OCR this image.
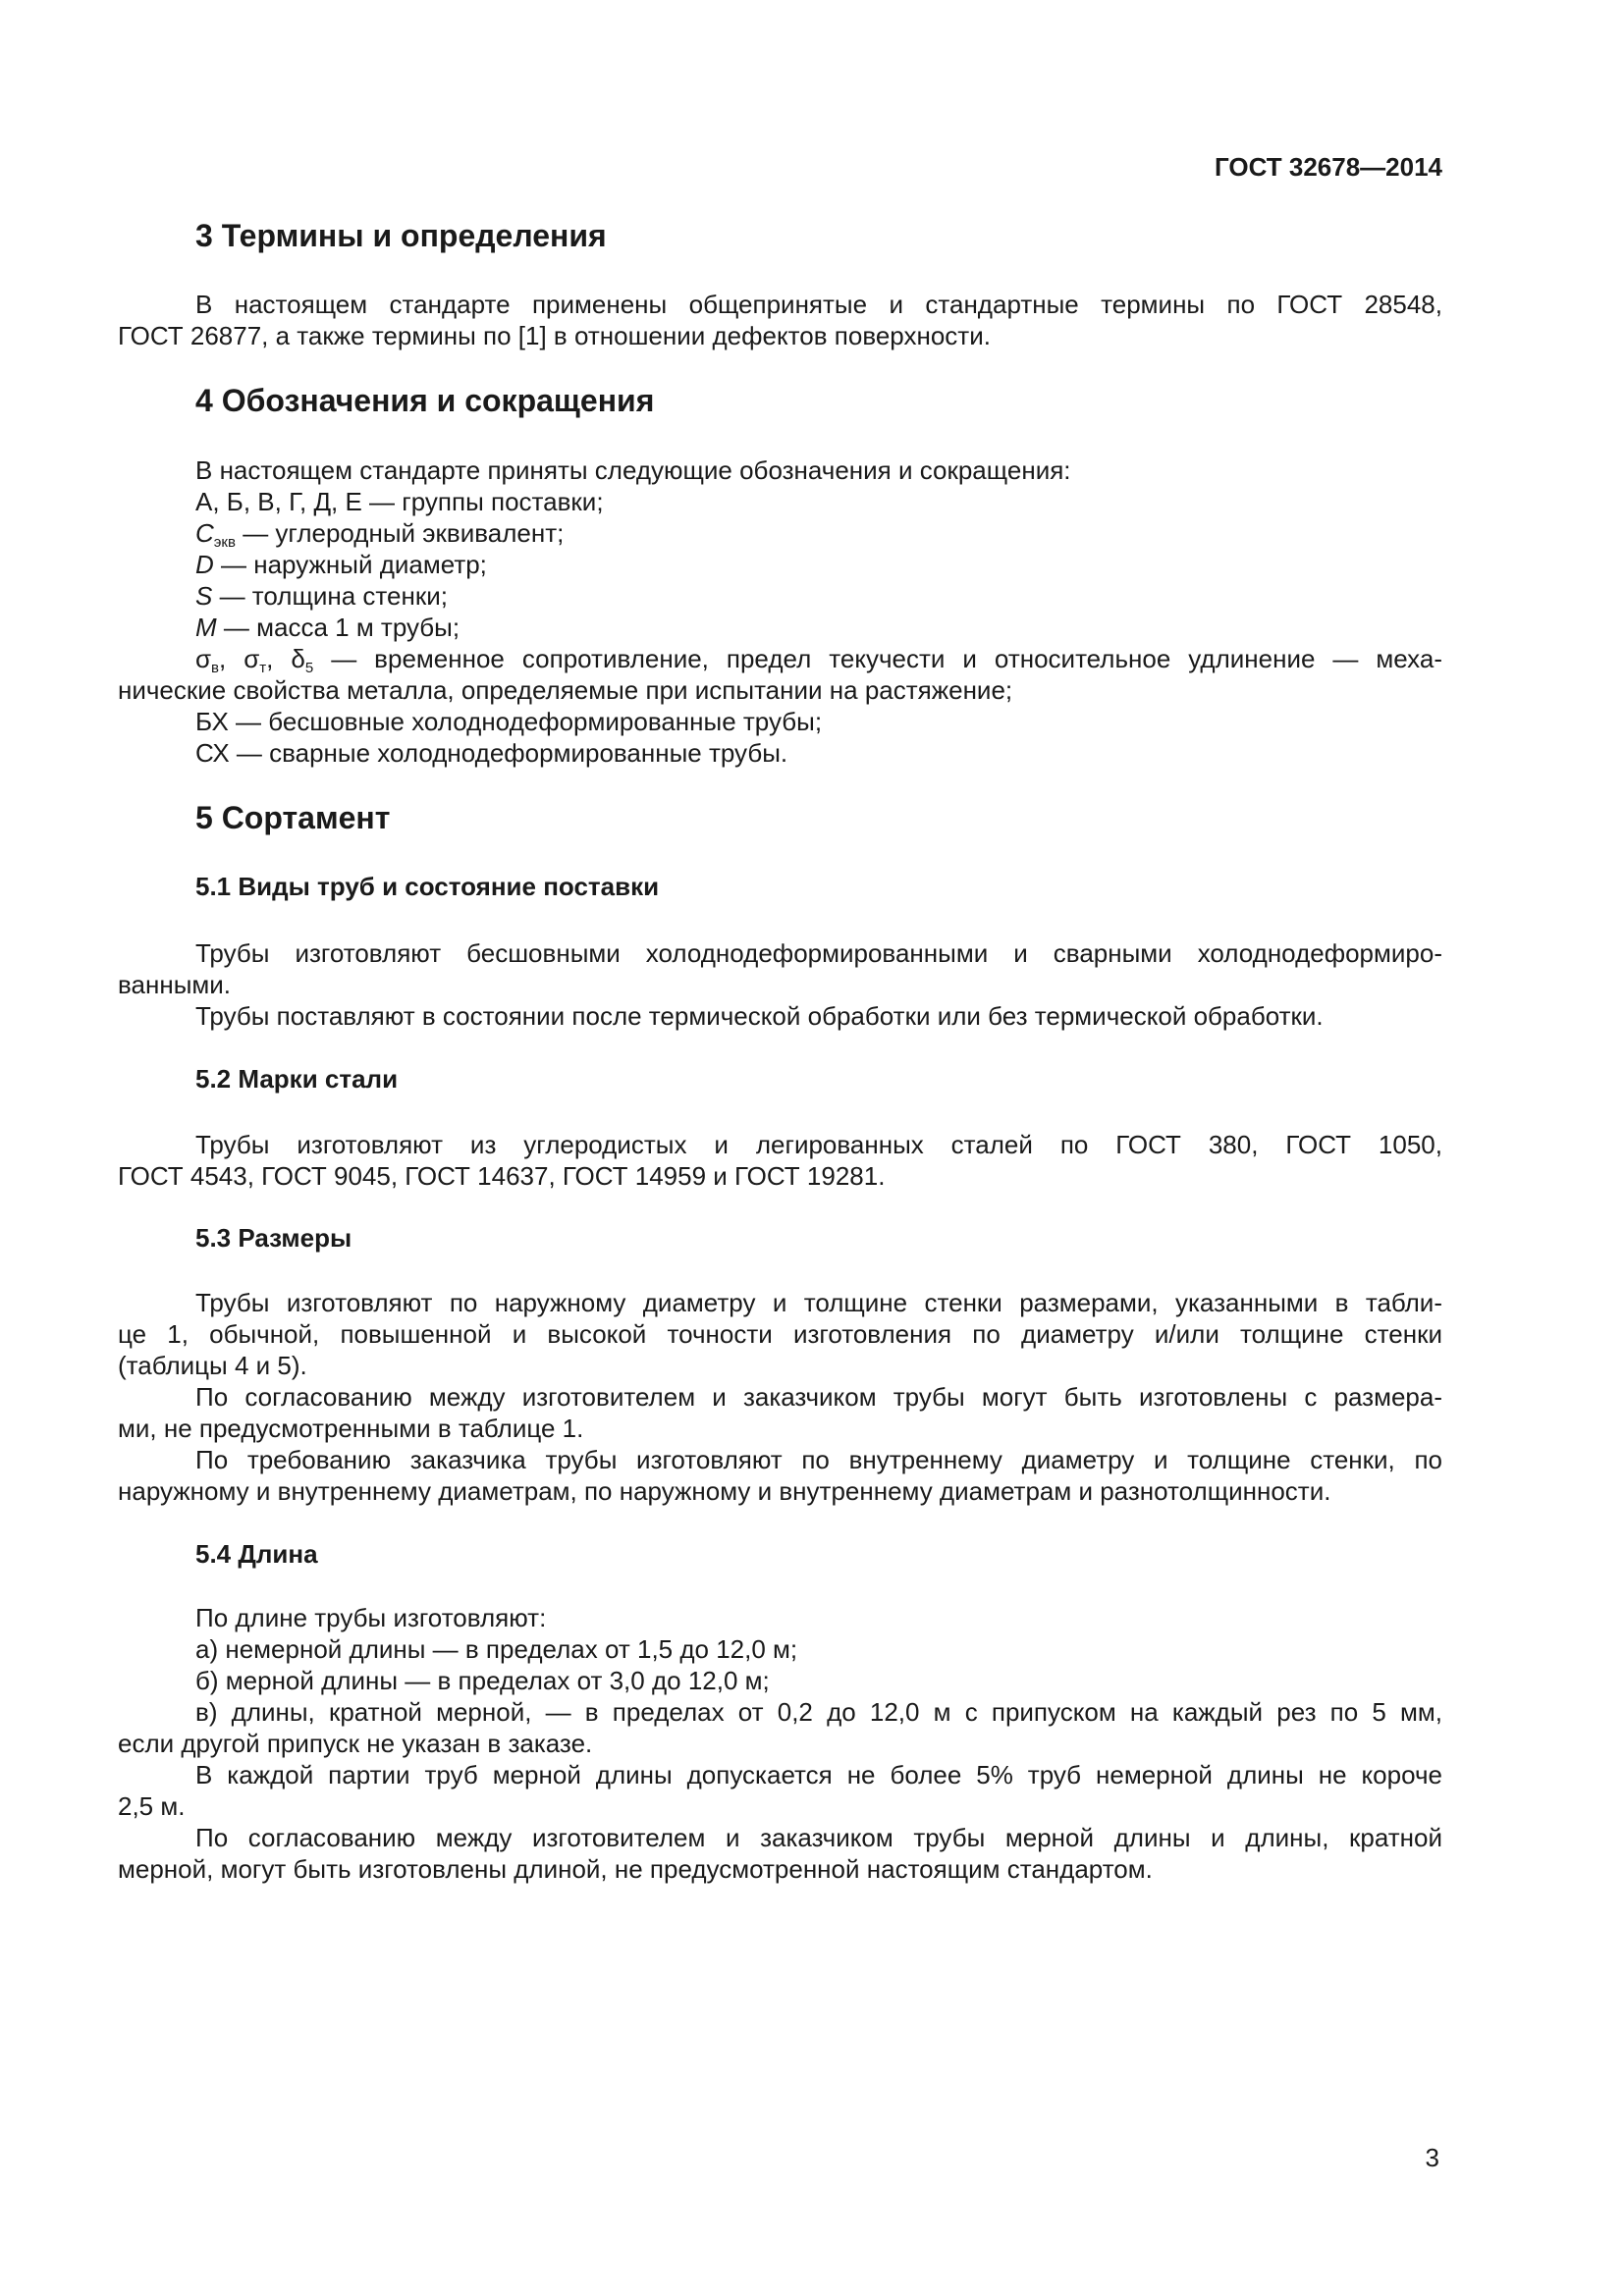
ГОСТ 32678—2014
3 Термины и определения
В настоящем стандарте применены общепринятые и стандартные термины по ГОСТ 28548,
ГОСТ 26877, а также термины по [1] в отношении дефектов поверхности.
4 Обозначения и сокращения
В настоящем стандарте приняты следующие обозначения и сокращения:
А, Б, В, Г, Д, Е — группы поставки;
$C_{экв}$ — углеродный эквивалент;
D — наружный диаметр;
S — толщина стенки;
M — масса 1 м трубы;
$\sigma_в$, $\sigma_т$, $\delta_5$ — временное сопротивление, предел текучести и относительное удлинение — меха-
нические свойства металла, определяемые при испытании на растяжение;
БХ — бесшовные холоднодеформированные трубы;
СХ — сварные холоднодеформированные трубы.
5 Сортамент
5.1 Виды труб и состояние поставки
Трубы изготовляют бесшовными холоднодеформированными и сварными холоднодеформиро-
ванными.
Трубы поставляют в состоянии после термической обработки или без термической обработки.
5.2 Марки стали
Трубы изготовляют из углеродистых и легированных сталей по ГОСТ 380, ГОСТ 1050,
ГОСТ 4543, ГОСТ 9045, ГОСТ 14637, ГОСТ 14959 и ГОСТ 19281.
5.3 Размеры
Трубы изготовляют по наружному диаметру и толщине стенки размерами, указанными в табли-
це 1, обычной, повышенной и высокой точности изготовления по диаметру и/или толщине стенки
(таблицы 4 и 5).
По согласованию между изготовителем и заказчиком трубы могут быть изготовлены с размера-
ми, не предусмотренными в таблице 1.
По требованию заказчика трубы изготовляют по внутреннему диаметру и толщине стенки, по
наружному и внутреннему диаметрам, по наружному и внутреннему диаметрам и разнотолщинности.
5.4 Длина
По длине трубы изготовляют:
а) немерной длины — в пределах от 1,5 до 12,0 м;
б) мерной длины — в пределах от 3,0 до 12,0 м;
в) длины, кратной мерной, — в пределах от 0,2 до 12,0 м с припуском на каждый рез по 5 мм,
если другой припуск не указан в заказе.
В каждой партии труб мерной длины допускается не более 5% труб немерной длины не короче
2,5 м.
По согласованию между изготовителем и заказчиком трубы мерной длины и длины, кратной
мерной, могут быть изготовлены длиной, не предусмотренной настоящим стандартом.
3
